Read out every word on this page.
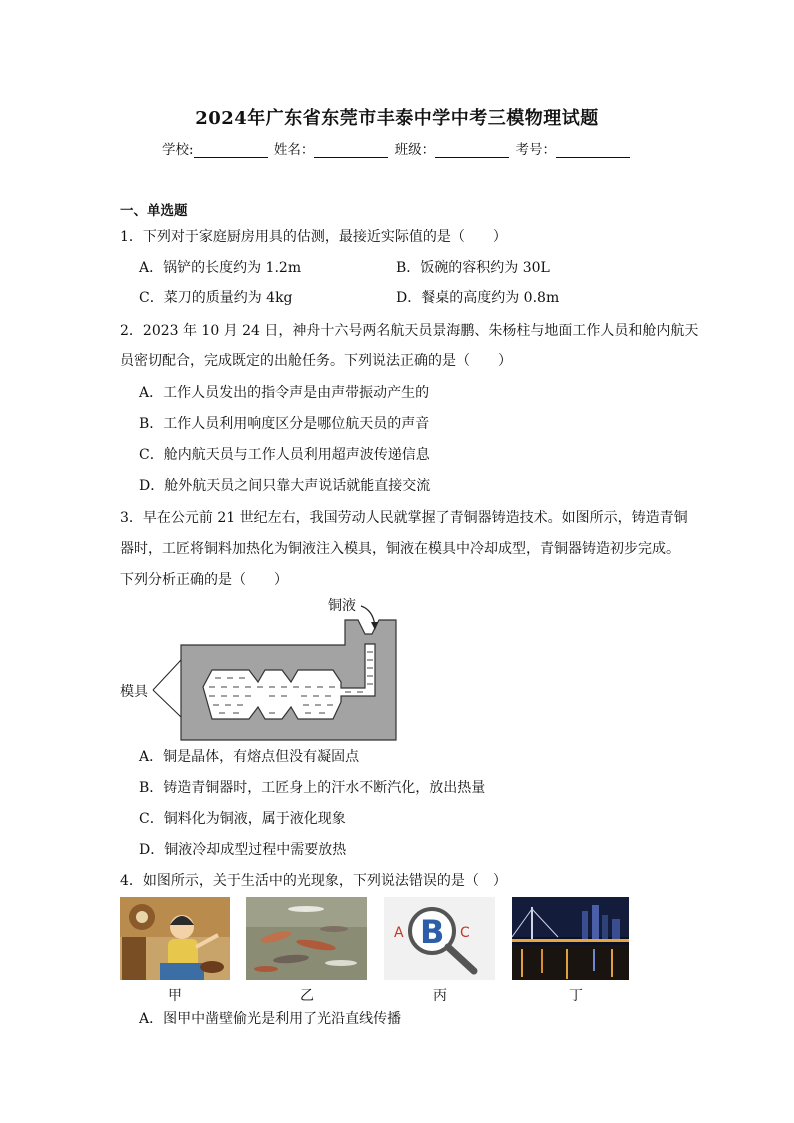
2024年广东省东莞市丰泰中学中考三模物理试题
学校:	姓名：	班级：	考号：
一、单选题
1．下列对于家庭厨房用具的估测，最接近实际值的是（　　）
A．锅铲的长度约为 1.2m	B．饭碗的容积约为 30L
C．菜刀的质量约为 4kg	D．餐桌的高度约为 0.8m
2．2023 年 10 月 24 日，神舟十六号两名航天员景海鹏、朱杨柱与地面工作人员和舱内航天
员密切配合，完成既定的出舱任务。下列说法正确的是（　　）
A．工作人员发出的指令声是由声带振动产生的
B．工作人员利用响度区分是哪位航天员的声音
C．舱内航天员与工作人员利用超声波传递信息
D．舱外航天员之间只靠大声说话就能直接交流
3．早在公元前 21 世纪左右，我国劳动人民就掌握了青铜器铸造技术。如图所示，铸造青铜
器时，工匠将铜料加热化为铜液注入模具，铜液在模具中冷却成型，青铜器铸造初步完成。
下列分析正确的是（　　）
铜液
模具
A．铜是晶体，有熔点但没有凝固点
B．铸造青铜器时，工匠身上的汗水不断汽化，放出热量
C．铜料化为铜液，属于液化现象
D．铜液冷却成型过程中需要放热
4．如图所示，关于生活中的光现象，下列说法错误的是（　）
甲	乙
A B C
丙	丁
A．图甲中凿壁偷光是利用了光沿直线传播
